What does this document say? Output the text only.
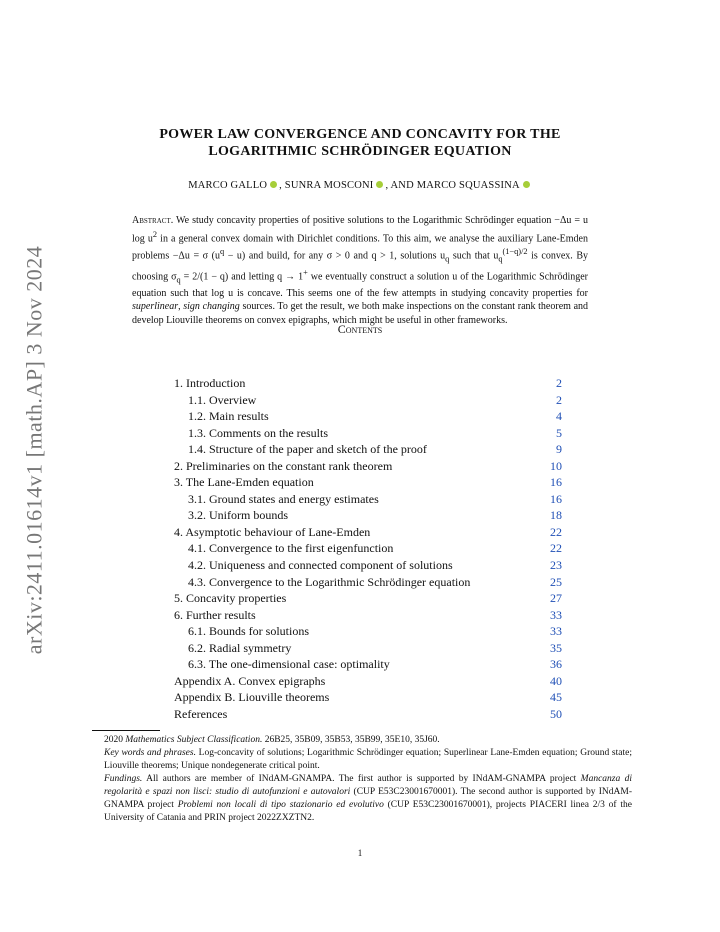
arXiv:2411.01614v1 [math.AP] 3 Nov 2024
POWER LAW CONVERGENCE AND CONCAVITY FOR THE
LOGARITHMIC SCHRÖDINGER EQUATION
MARCO GALLO , SUNRA MOSCONI , AND MARCO SQUASSINA
Abstract. We study concavity properties of positive solutions to the Logarithmic Schrödinger equation −Δu = u $\log u^2$ in a general convex domain with Dirichlet conditions. To this aim, we analyse the auxiliary Lane-Emden problems −Δu = σ $(u^q - u)$ and build, for any σ > 0 and q > 1, solutions $u_q$ such that $u_q^{(1-q)/2}$ is convex. By choosing $\sigma_q = 2/(1 - q)$ and letting q → 1+ we eventually construct a solution u of the Logarithmic Schrödinger equation such that log u is concave. This seems one of the few attempts in studying concavity properties for superlinear, sign changing sources. To get the result, we both make inspections on the constant rank theorem and develop Liouville theorems on convex epigraphs, which might be useful in other frameworks.
Contents
1. Introduction	2
1.1. Overview	2
1.2. Main results	4
1.3. Comments on the results	5
1.4. Structure of the paper and sketch of the proof	9
2. Preliminaries on the constant rank theorem	10
3. The Lane-Emden equation	16
3.1. Ground states and energy estimates	16
3.2. Uniform bounds	18
4. Asymptotic behaviour of Lane-Emden	22
4.1. Convergence to the first eigenfunction	22
4.2. Uniqueness and connected component of solutions	23
4.3. Convergence to the Logarithmic Schrödinger equation	25
5. Concavity properties	27
6. Further results	33
6.1. Bounds for solutions	33
6.2. Radial symmetry	35
6.3. The one-dimensional case: optimality	36
Appendix A. Convex epigraphs	40
Appendix B. Liouville theorems	45
References	50

2020 Mathematics Subject Classification. 26B25, 35B09, 35B53, 35B99, 35E10, 35J60.

Key words and phrases. Log-concavity of solutions; Logarithmic Schrödinger equation; Superlinear Lane-Emden equation; Ground state; Liouville theorems; Unique nondegenerate critical point.

Fundings. All authors are member of INdAM-GNAMPA. The first author is supported by INdAM-GNAMPA project Mancanza di regolarità e spazi non lisci: studio di autofunzioni e autovalori (CUP E53C23001670001). The second author is supported by INdAM-GNAMPA project Problemi non locali di tipo stazionario ed evolutivo (CUP E53C23001670001), projects PIACERI linea 2/3 of the University of Catania and PRIN project 2022ZXZTN2.

1
